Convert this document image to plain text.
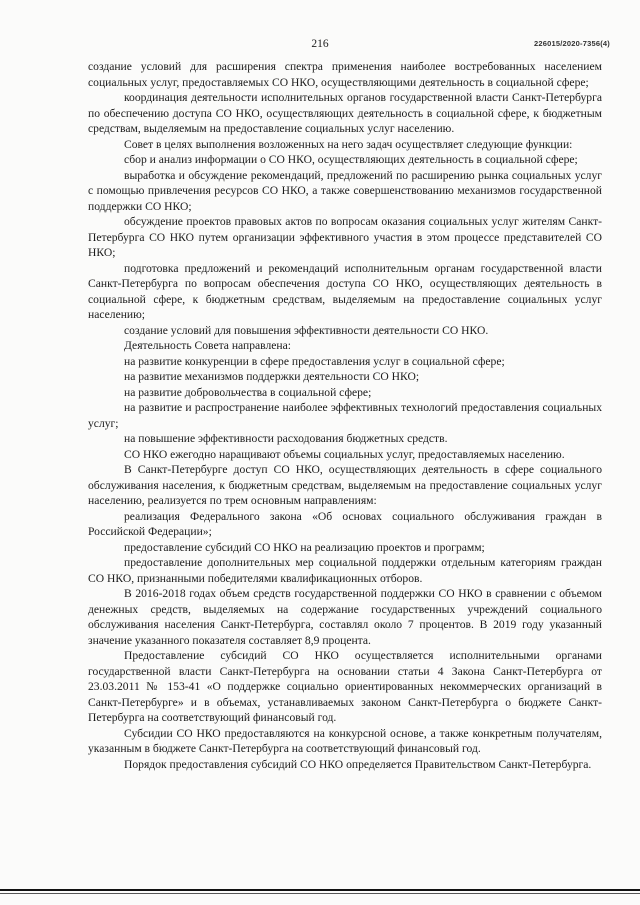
216	226015/2020-7356(4)

создание условий для расширения спектра применения наиболее востребованных населением социальных услуг, предоставляемых СО НКО, осуществляющими деятельность в социальной сфере;

координация деятельности исполнительных органов государственной власти Санкт-Петербурга по обеспечению доступа СО НКО, осуществляющих деятельность в социальной сфере, к бюджетным средствам, выделяемым на предоставление социальных услуг населению.

Совет в целях выполнения возложенных на него задач осуществляет следующие функции:

сбор и анализ информации о СО НКО, осуществляющих деятельность в социальной сфере;

выработка и обсуждение рекомендаций, предложений по расширению рынка социальных услуг с помощью привлечения ресурсов СО НКО, а также совершенствованию механизмов государственной поддержки СО НКО;

обсуждение проектов правовых актов по вопросам оказания социальных услуг жителям Санкт-Петербурга СО НКО путем организации эффективного участия в этом процессе представителей СО НКО;

подготовка предложений и рекомендаций исполнительным органам государственной власти Санкт-Петербурга по вопросам обеспечения доступа СО НКО, осуществляющих деятельность в социальной сфере, к бюджетным средствам, выделяемым на предоставление социальных услуг населению;

создание условий для повышения эффективности деятельности СО НКО.

Деятельность Совета направлена:

на развитие конкуренции в сфере предоставления услуг в социальной сфере;

на развитие механизмов поддержки деятельности СО НКО;

на развитие добровольчества в социальной сфере;

на развитие и распространение наиболее эффективных технологий предоставления социальных услуг;

на повышение эффективности расходования бюджетных средств.

СО НКО ежегодно наращивают объемы социальных услуг, предоставляемых населению.

В Санкт-Петербурге доступ СО НКО, осуществляющих деятельность в сфере социального обслуживания населения, к бюджетным средствам, выделяемым на предоставление социальных услуг населению, реализуется по трем основным направлениям:

реализация Федерального закона «Об основах социального обслуживания граждан в Российской Федерации»;

предоставление субсидий СО НКО на реализацию проектов и программ;

предоставление дополнительных мер социальной поддержки отдельным категориям граждан СО НКО, признанными победителями квалификационных отборов.

В 2016-2018 годах объем средств государственной поддержки СО НКО в сравнении с объемом денежных средств, выделяемых на содержание государственных учреждений социального обслуживания населения Санкт-Петербурга, составлял около 7 процентов. В 2019 году указанный значение указанного показателя составляет 8,9 процента.

Предоставление субсидий СО НКО осуществляется исполнительными органами государственной власти Санкт-Петербурга на основании статьи 4 Закона Санкт-Петербурга от 23.03.2011 № 153-41 «О поддержке социально ориентированных некоммерческих организаций в Санкт-Петербурге» и в объемах, устанавливаемых законом Санкт-Петербурга о бюджете Санкт-Петербурга на соответствующий финансовый год.

Субсидии СО НКО предоставляются на конкурсной основе, а также конкретным получателям, указанным в бюджете Санкт-Петербурга на соответствующий финансовый год.

Порядок предоставления субсидий СО НКО определяется Правительством Санкт-Петербурга.
